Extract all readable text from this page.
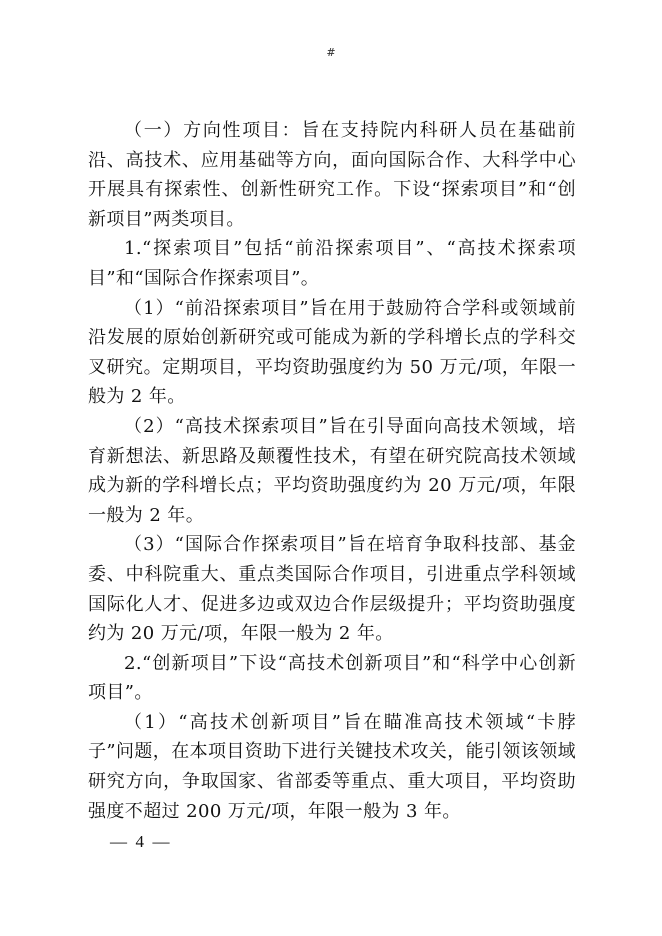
#

（一）方向性项目：旨在支持院内科研人员在基础前沿、高技术、应用基础等方向，面向国际合作、大科学中心开展具有探索性、创新性研究工作。下设“探索项目”和“创新项目”两类项目。

1.“探索项目”包括“前沿探索项目”、“高技术探索项目”和“国际合作探索项目”。

（1）“前沿探索项目”旨在用于鼓励符合学科或领域前沿发展的原始创新研究或可能成为新的学科增长点的学科交叉研究。定期项目，平均资助强度约为 50 万元/项，年限一般为 2 年。

（2）“高技术探索项目”旨在引导面向高技术领域，培育新想法、新思路及颠覆性技术，有望在研究院高技术领域成为新的学科增长点；平均资助强度约为 20 万元/项，年限一般为 2 年。

（3）“国际合作探索项目”旨在培育争取科技部、基金委、中科院重大、重点类国际合作项目，引进重点学科领域国际化人才、促进多边或双边合作层级提升；平均资助强度约为 20 万元/项，年限一般为 2 年。

2.“创新项目”下设“高技术创新项目”和“科学中心创新项目”。

（1）“高技术创新项目”旨在瞄准高技术领域“卡脖子”问题，在本项目资助下进行关键技术攻关，能引领该领域研究方向，争取国家、省部委等重点、重大项目，平均资助强度不超过 200 万元/项，年限一般为 3 年。

—  4  —
